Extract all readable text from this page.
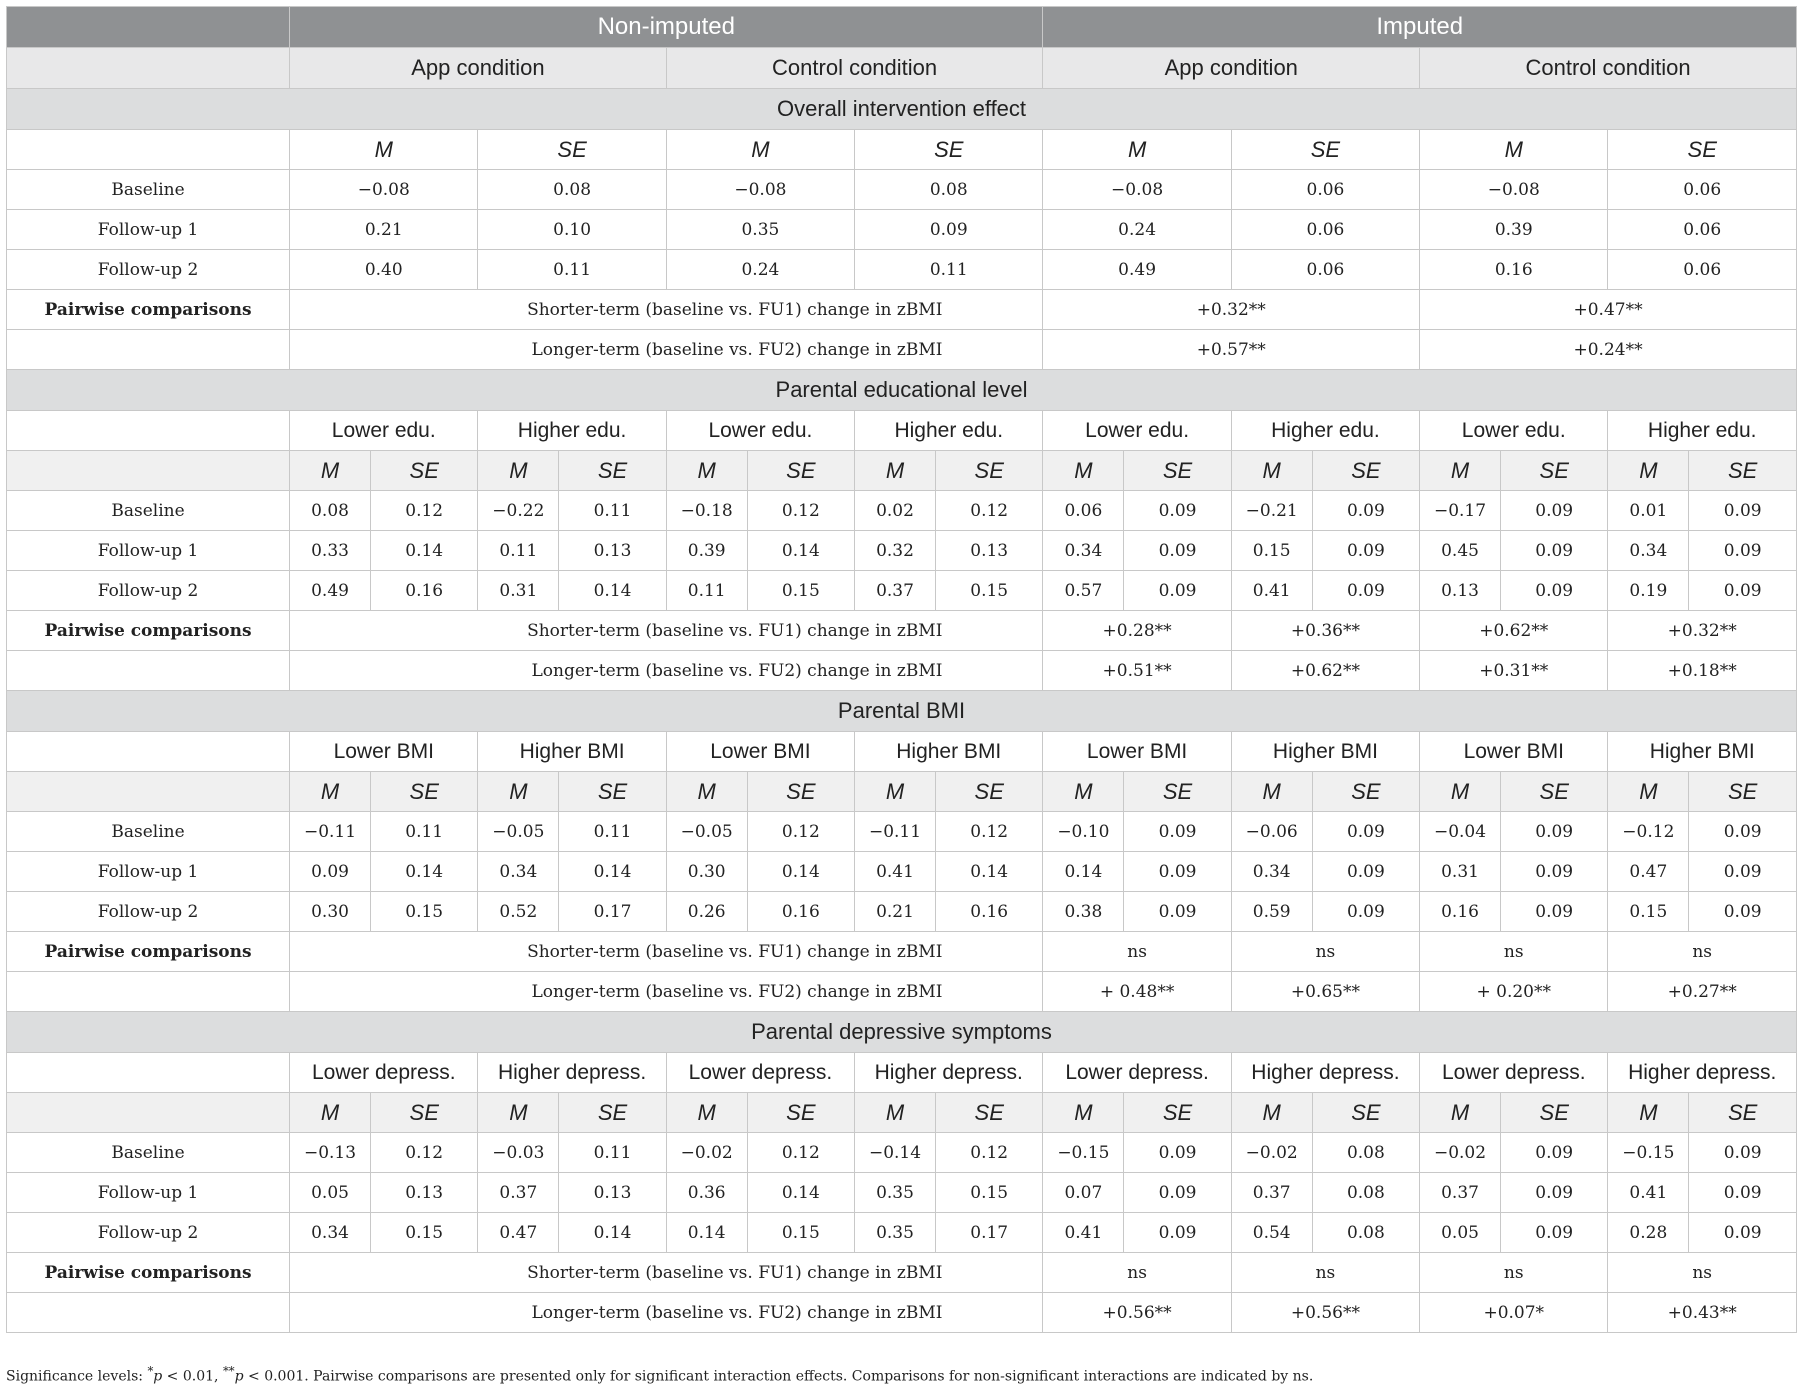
	Non-imputed								Imputed							
	App condition				Control condition				App condition				Control condition			
Overall intervention effect																
	M		SE		M		SE		M		SE		M		SE	
Baseline	−0.08		0.08		−0.08		0.08		−0.08		0.06		−0.08		0.06	
Follow-up 1	0.21		0.10		0.35		0.09		0.24		0.06		0.39		0.06	
Follow-up 2	0.40		0.11		0.24		0.11		0.49		0.06		0.16		0.06	
Pairwise comparisons	Shorter-term (baseline vs. FU1) change in zBMI								+0.32**				+0.47**			
	Longer-term (baseline vs. FU2) change in zBMI								+0.57**				+0.24**			
Parental educational level																
	Lower edu.		Higher edu.		Lower edu.		Higher edu.		Lower edu.		Higher edu.		Lower edu.		Higher edu.	
	M	SE	M	SE	M	SE	M	SE	M	SE	M	SE	M	SE	M	SE
Baseline	0.08	0.12	−0.22	0.11	−0.18	0.12	0.02	0.12	0.06	0.09	−0.21	0.09	−0.17	0.09	0.01	0.09
Follow-up 1	0.33	0.14	0.11	0.13	0.39	0.14	0.32	0.13	0.34	0.09	0.15	0.09	0.45	0.09	0.34	0.09
Follow-up 2	0.49	0.16	0.31	0.14	0.11	0.15	0.37	0.15	0.57	0.09	0.41	0.09	0.13	0.09	0.19	0.09
Pairwise comparisons	Shorter-term (baseline vs. FU1) change in zBMI								+0.28**		+0.36**		+0.62**		+0.32**	
	Longer-term (baseline vs. FU2) change in zBMI								+0.51**		+0.62**		+0.31**		+0.18**	
Parental BMI																
	Lower BMI		Higher BMI		Lower BMI		Higher BMI		Lower BMI		Higher BMI		Lower BMI		Higher BMI	
	M	SE	M	SE	M	SE	M	SE	M	SE	M	SE	M	SE	M	SE
Baseline	−0.11	0.11	−0.05	0.11	−0.05	0.12	−0.11	0.12	−0.10	0.09	−0.06	0.09	−0.04	0.09	−0.12	0.09
Follow-up 1	0.09	0.14	0.34	0.14	0.30	0.14	0.41	0.14	0.14	0.09	0.34	0.09	0.31	0.09	0.47	0.09
Follow-up 2	0.30	0.15	0.52	0.17	0.26	0.16	0.21	0.16	0.38	0.09	0.59	0.09	0.16	0.09	0.15	0.09
Pairwise comparisons	Shorter-term (baseline vs. FU1) change in zBMI								ns		ns		ns		ns	
	Longer-term (baseline vs. FU2) change in zBMI								+ 0.48**		+0.65**		+ 0.20**		+0.27**	
Parental depressive symptoms																
	Lower depress.		Higher depress.		Lower depress.		Higher depress.		Lower depress.		Higher depress.		Lower depress.		Higher depress.	
	M	SE	M	SE	M	SE	M	SE	M	SE	M	SE	M	SE	M	SE
Baseline	−0.13	0.12	−0.03	0.11	−0.02	0.12	−0.14	0.12	−0.15	0.09	−0.02	0.08	−0.02	0.09	−0.15	0.09
Follow-up 1	0.05	0.13	0.37	0.13	0.36	0.14	0.35	0.15	0.07	0.09	0.37	0.08	0.37	0.09	0.41	0.09
Follow-up 2	0.34	0.15	0.47	0.14	0.14	0.15	0.35	0.17	0.41	0.09	0.54	0.08	0.05	0.09	0.28	0.09
Pairwise comparisons	Shorter-term (baseline vs. FU1) change in zBMI								ns		ns		ns		ns	
	Longer-term (baseline vs. FU2) change in zBMI								+0.56**		+0.56**		+0.07*		+0.43**	
Significance levels: *p < 0.01, **p < 0.001. Pairwise comparisons are presented only for significant interaction effects. Comparisons for non-significant interactions are indicated by ns.
